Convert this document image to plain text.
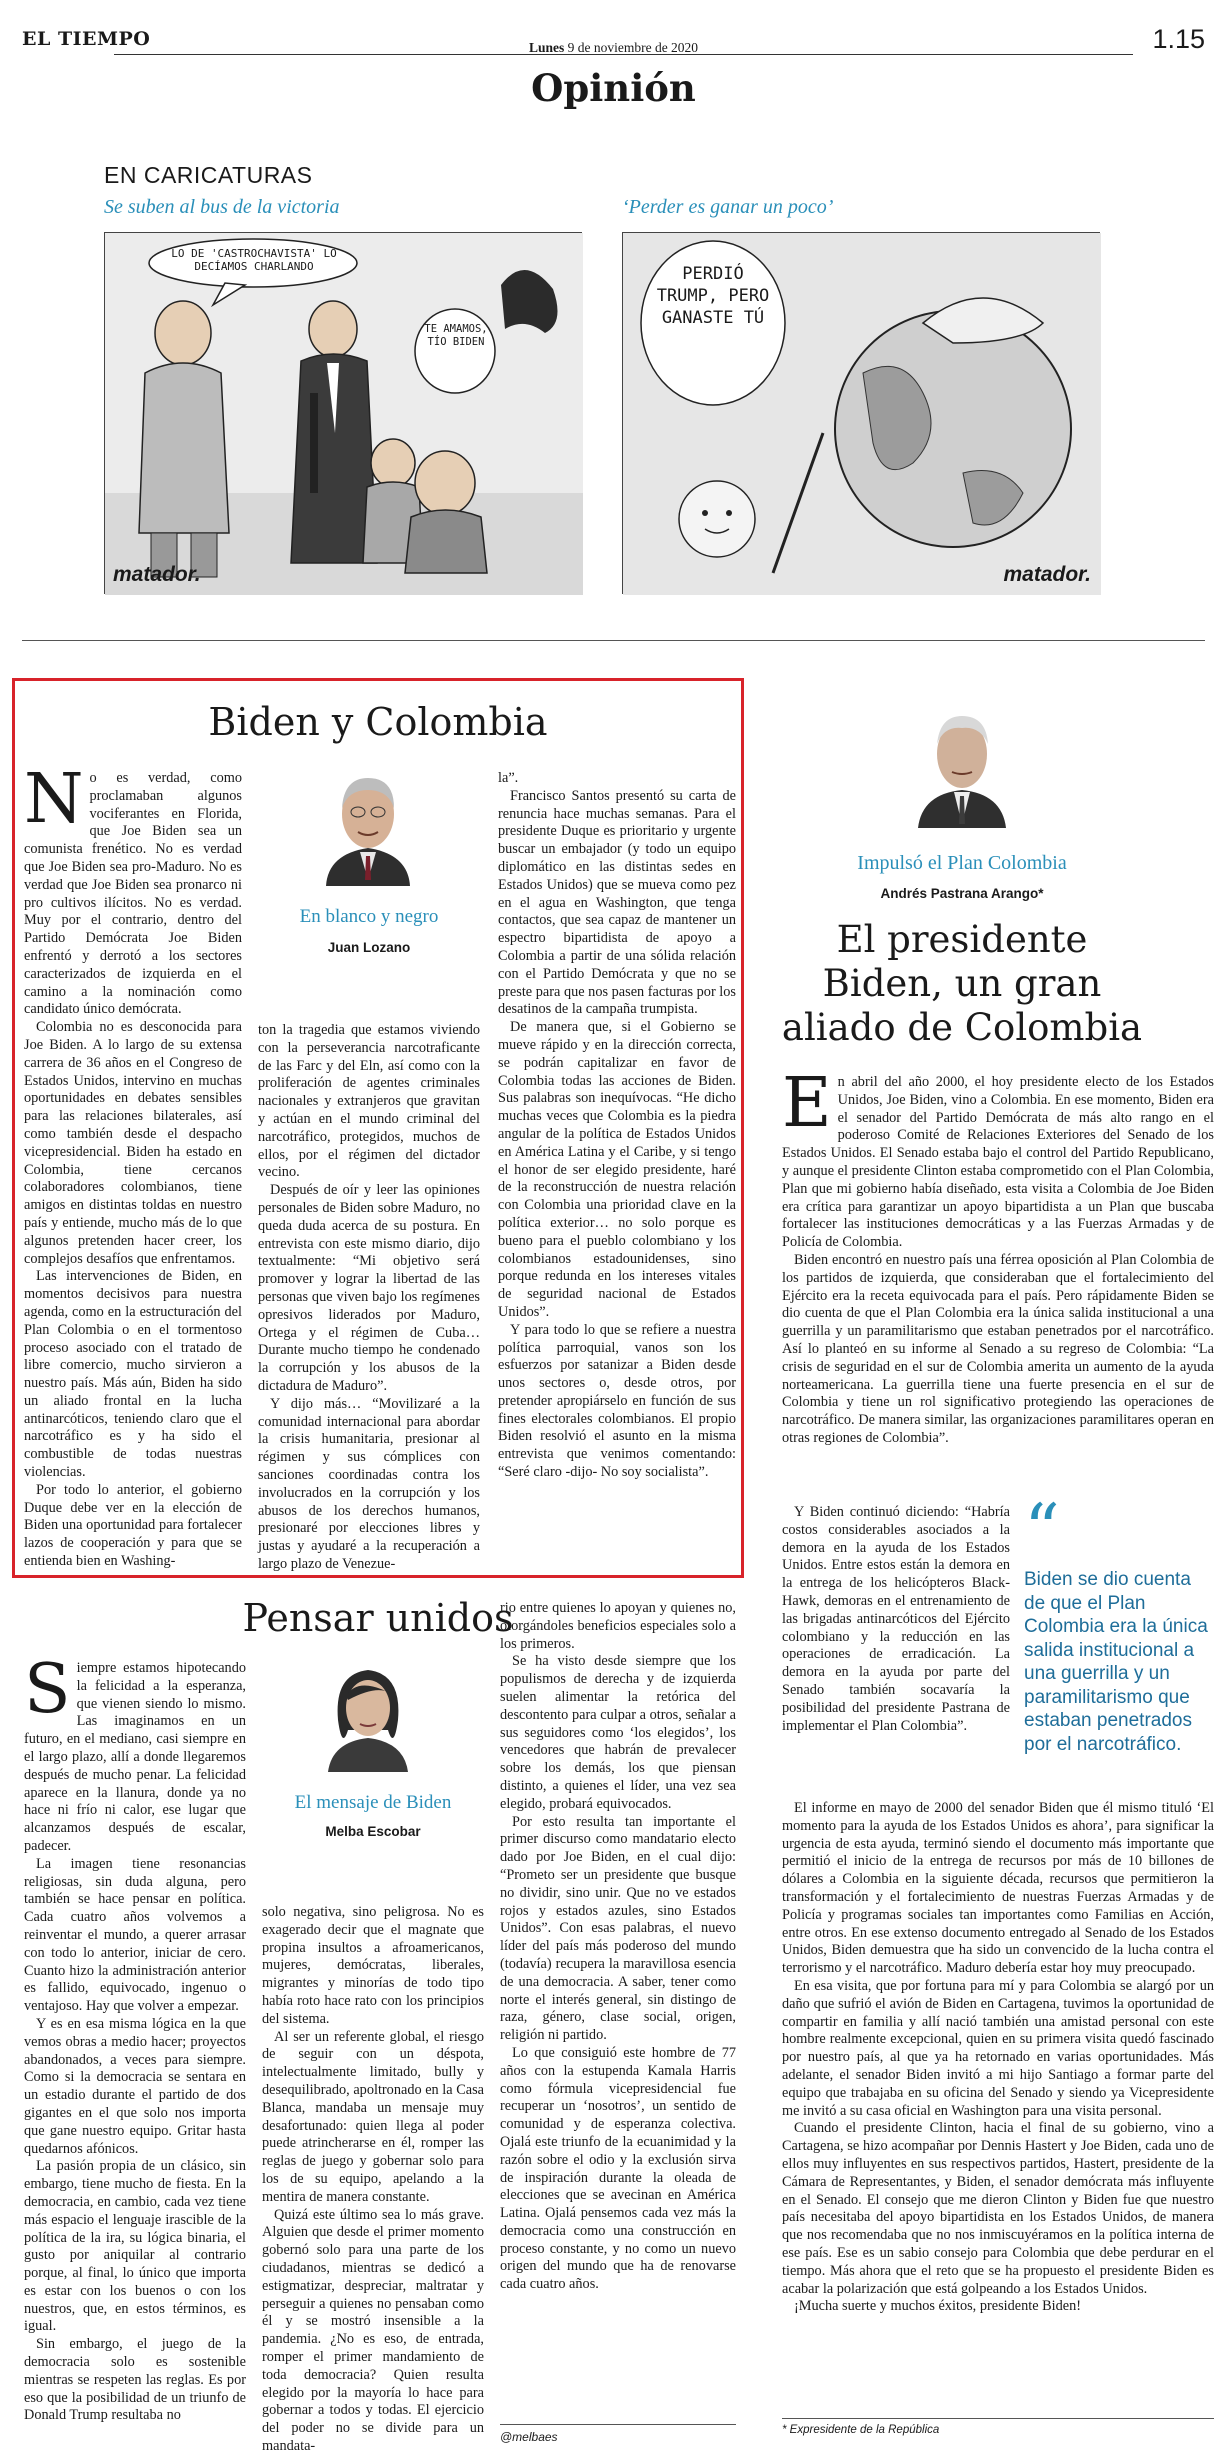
EL TIEMPO	Lunes 9 de noviembre de 2020	1.15
Opinión
EN CARICATURAS
Se suben al bus de la victoria	‘Perder es ganar un poco’
LO DE 'CASTROCHAVISTA' LO DECÍAMOS CHARLANDO
TE AMAMOS, TÍO BIDEN
matador.
PERDIÓ TRUMP, PERO GANASTE TÚ
matador.
Biden y Colombia

No es verdad, como proclamaban algunos vociferantes en Florida, que Joe Biden sea un comunista frenético. No es verdad que Joe Biden sea pro-Maduro. No es verdad que Joe Biden sea pronarco ni pro cultivos ilícitos. No es verdad. Muy por el contrario, dentro del Partido Demócrata Joe Biden enfrentó y derrotó a los sectores caracterizados de izquierda en el camino a la nominación como candidato único demócrata.

Colombia no es desconocida para Joe Biden. A lo largo de su extensa carrera de 36 años en el Congreso de Estados Unidos, intervino en muchas oportunidades en debates sensibles para las relaciones bilaterales, así como también desde el despacho vicepresidencial. Biden ha estado en Colombia, tiene cercanos colaboradores colombianos, tiene amigos en distintas toldas en nuestro país y entiende, mucho más de lo que algunos pretenden hacer creer, los complejos desafíos que enfrentamos.

Las intervenciones de Biden, en momentos decisivos para nuestra agenda, como en la estructuración del Plan Colombia o en el tormentoso proceso asociado con el tratado de libre comercio, mucho sirvieron a nuestro país. Más aún, Biden ha sido un aliado frontal en la lucha antinarcóticos, teniendo claro que el narcotráfico es y ha sido el combustible de todas nuestras violencias.

Por todo lo anterior, el gobierno Duque debe ver en la elección de Biden una oportunidad para fortalecer lazos de cooperación y para que se entienda bien en Washing-

En blanco y negro
Juan Lozano

ton la tragedia que estamos viviendo con la perseverancia narcotraficante de las Farc y del Eln, así como con la proliferación de agentes criminales nacionales y extranjeros que gravitan y actúan en el mundo criminal del narcotráfico, protegidos, muchos de ellos, por el régimen del dictador vecino.

Después de oír y leer las opiniones personales de Biden sobre Maduro, no queda duda acerca de su postura. En entrevista con este mismo diario, dijo textualmente: “Mi objetivo será promover y lograr la libertad de las personas que viven bajo los regímenes opresivos liderados por Maduro, Ortega y el régimen de Cuba… Durante mucho tiempo he condenado la corrupción y los abusos de la dictadura de Maduro”.

Y dijo más… “Movilizaré a la comunidad internacional para abordar la crisis humanitaria, presionar al régimen y sus cómplices con sanciones coordinadas contra los involucrados en la corrupción y los abusos de los derechos humanos, presionaré por elecciones libres y justas y ayudaré a la recuperación a largo plazo de Venezue-

la”.

Francisco Santos presentó su carta de renuncia hace muchas semanas. Para el presidente Duque es prioritario y urgente buscar un embajador (y todo un equipo diplomático en las distintas sedes en Estados Unidos) que se mueva como pez en el agua en Washington, que tenga contactos, que sea capaz de mantener un espectro bipartidista de apoyo a Colombia a partir de una sólida relación con el Partido Demócrata y que no se preste para que nos pasen facturas por los desatinos de la campaña trumpista.

De manera que, si el Gobierno se mueve rápido y en la dirección correcta, se podrán capitalizar en favor de Colombia todas las acciones de Biden. Sus palabras son inequívocas. “He dicho muchas veces que Colombia es la piedra angular de la política de Estados Unidos en América Latina y el Caribe, y si tengo el honor de ser elegido presidente, haré de la reconstrucción de nuestra relación con Colombia una prioridad clave en la política exterior… no solo porque es bueno para el pueblo colombiano y los colombianos estadounidenses, sino porque redunda en los intereses vitales de seguridad nacional de Estados Unidos”.

Y para todo lo que se refiere a nuestra política parroquial, vanos son los esfuerzos por satanizar a Biden desde unos sectores o, desde otros, por pretender apropiárselo en función de sus fines electorales colombianos. El propio Biden resolvió el asunto en la misma entrevista que venimos comentando: “Seré claro -dijo- No soy socialista”.

Pensar unidos

Siempre estamos hipotecando la felicidad a la esperanza, que vienen siendo lo mismo. Las imaginamos en un futuro, en el mediano, casi siempre en el largo plazo, allí a donde llegaremos después de mucho penar. La felicidad aparece en la llanura, donde ya no hace ni frío ni calor, ese lugar que alcanzamos después de escalar, padecer.

La imagen tiene resonancias religiosas, sin duda alguna, pero también se hace pensar en política. Cada cuatro años volvemos a reinventar el mundo, a querer arrasar con todo lo anterior, iniciar de cero. Cuanto hizo la administración anterior es fallido, equivocado, ingenuo o ventajoso. Hay que volver a empezar.

Y es en esa misma lógica en la que vemos obras a medio hacer; proyectos abandonados, a veces para siempre. Como si la democracia se sentara en un estadio durante el partido de dos gigantes en el que solo nos importa que gane nuestro equipo. Gritar hasta quedarnos afónicos.

La pasión propia de un clásico, sin embargo, tiene mucho de fiesta. En la democracia, en cambio, cada vez tiene más espacio el lenguaje irascible de la política de la ira, su lógica binaria, el gusto por aniquilar al contrario porque, al final, lo único que importa es estar con los buenos o con los nuestros, que, en estos términos, es igual.

Sin embargo, el juego de la democracia solo es sostenible mientras se respeten las reglas. Es por eso que la posibilidad de un triunfo de Donald Trump resultaba no

El mensaje de Biden
Melba Escobar

solo negativa, sino peligrosa. No es exagerado decir que el magnate que propina insultos a afroamericanos, mujeres, demócratas, liberales, migrantes y minorías de todo tipo había roto hace rato con los principios del sistema.

Al ser un referente global, el riesgo de seguir con un déspota, intelectualmente limitado, bully y desequilibrado, apoltronado en la Casa Blanca, mandaba un mensaje muy desafortunado: quien llega al poder puede atrincherarse en él, romper las reglas de juego y gobernar solo para los de su equipo, apelando a la mentira de manera constante.

Quizá este último sea lo más grave. Alguien que desde el primer momento gobernó solo para una parte de los ciudadanos, mientras se dedicó a estigmatizar, despreciar, maltratar y perseguir a quienes no pensaban como él y se mostró insensible a la pandemia. ¿No es eso, de entrada, romper el primer mandamiento de toda democracia? Quien resulta elegido por la mayoría lo hace para gobernar a todos y todas. El ejercicio del poder no se divide para un mandata-

rio entre quienes lo apoyan y quienes no, otorgándoles beneficios especiales solo a los primeros.

Se ha visto desde siempre que los populismos de derecha y de izquierda suelen alimentar la retórica del descontento para culpar a otros, señalar a sus seguidores como ‘los elegidos’, los vencedores que habrán de prevalecer sobre los demás, los que piensan distinto, a quienes el líder, una vez sea elegido, probará equivocados.

Por esto resulta tan importante el primer discurso como mandatario electo dado por Joe Biden, en el cual dijo: “Prometo ser un presidente que busque no dividir, sino unir. Que no ve estados rojos y estados azules, sino Estados Unidos”. Con esas palabras, el nuevo líder del país más poderoso del mundo (todavía) recupera la maravillosa esencia de una democracia. A saber, tener como norte el interés general, sin distingo de raza, género, clase social, origen, religión ni partido.

Lo que consiguió este hombre de 77 años con la estupenda Kamala Harris como fórmula vicepresidencial fue recuperar un ‘nosotros’, un sentido de comunidad y de esperanza colectiva. Ojalá este triunfo de la ecuanimidad y la razón sobre el odio y la exclusión sirva de inspiración durante la oleada de elecciones que se avecinan en América Latina. Ojalá pensemos cada vez más la democracia como una construcción en proceso constante, y no como un nuevo origen del mundo que ha de renovarse cada cuatro años.

@melbaes
Impulsó el Plan Colombia
Andrés Pastrana Arango*
El presidente
Biden, un gran
aliado de Colombia

En abril del año 2000, el hoy presidente electo de los Estados Unidos, Joe Biden, vino a Colombia. En ese momento, Biden era el senador del Partido Demócrata de más alto rango en el poderoso Comité de Relaciones Exteriores del Senado de los Estados Unidos. El Senado estaba bajo el control del Partido Republicano, y aunque el presidente Clinton estaba comprometido con el Plan Colombia, Plan que mi gobierno había diseñado, esta visita a Colombia de Joe Biden era crítica para garantizar un apoyo bipartidista a un Plan que buscaba fortalecer las instituciones democráticas y a las Fuerzas Armadas y de Policía de Colombia.

Biden encontró en nuestro país una férrea oposición al Plan Colombia de los partidos de izquierda, que consideraban que el fortalecimiento del Ejército era la receta equivocada para el país. Pero rápidamente Biden se dio cuenta de que el Plan Colombia era la única salida institucional a una guerrilla y un paramilitarismo que estaban penetrados por el narcotráfico. Así lo planteó en su informe al Senado a su regreso de Colombia: “La crisis de seguridad en el sur de Colombia amerita un aumento de la ayuda norteamericana. La guerrilla tiene una fuerte presencia en el sur de Colombia y tiene un rol significativo protegiendo las operaciones de narcotráfico. De manera similar, las organizaciones paramilitares operan en otras regiones de Colombia”.

Y Biden continuó diciendo: “Habría costos considerables asociados a la demora en la ayuda de los Estados Unidos. Entre estos están la demora en la entrega de los helicópteros Black-Hawk, demoras en el entrenamiento de las brigadas antinarcóticos del Ejército colombiano y la reducción en las operaciones de erradicación. La demora en la ayuda por parte del Senado también socavaría la posibilidad del presidente Pastrana de implementar el Plan Colombia”.

“
Biden se dio cuenta de que el Plan Colombia era la única salida institucional a una guerrilla y un paramilitarismo que estaban penetrados por el narcotráfico.

El informe en mayo de 2000 del senador Biden que él mismo tituló ‘El momento para la ayuda de los Estados Unidos es ahora’, para significar la urgencia de esta ayuda, terminó siendo el documento más importante que permitió el inicio de la entrega de recursos por más de 10 billones de dólares a Colombia en la siguiente década, recursos que permitieron la transformación y el fortalecimiento de nuestras Fuerzas Armadas y de Policía y programas sociales tan importantes como Familias en Acción, entre otros. En ese extenso documento entregado al Senado de los Estados Unidos, Biden demuestra que ha sido un convencido de la lucha contra el terrorismo y el narcotráfico. Maduro debería estar hoy muy preocupado.

En esa visita, que por fortuna para mí y para Colombia se alargó por un daño que sufrió el avión de Biden en Cartagena, tuvimos la oportunidad de compartir en familia y allí nació también una amistad personal con este hombre realmente excepcional, quien en su primera visita quedó fascinado por nuestro país, al que ya ha retornado en varias oportunidades. Más adelante, el senador Biden invitó a mi hijo Santiago a formar parte del equipo que trabajaba en su oficina del Senado y siendo ya Vicepresidente me invitó a su casa oficial en Washington para una visita personal.

Cuando el presidente Clinton, hacia el final de su gobierno, vino a Cartagena, se hizo acompañar por Dennis Hastert y Joe Biden, cada uno de ellos muy influyentes en sus respectivos partidos, Hastert, presidente de la Cámara de Representantes, y Biden, el senador demócrata más influyente en el Senado. El consejo que me dieron Clinton y Biden fue que nuestro país necesitaba del apoyo bipartidista en los Estados Unidos, de manera que nos recomendaba que no nos inmiscuyéramos en la política interna de ese país. Ese es un sabio consejo para Colombia que debe perdurar en el tiempo. Más ahora que el reto que se ha propuesto el presidente Biden es acabar la polarización que está golpeando a los Estados Unidos.

¡Mucha suerte y muchos éxitos, presidente Biden!

* Expresidente de la República
